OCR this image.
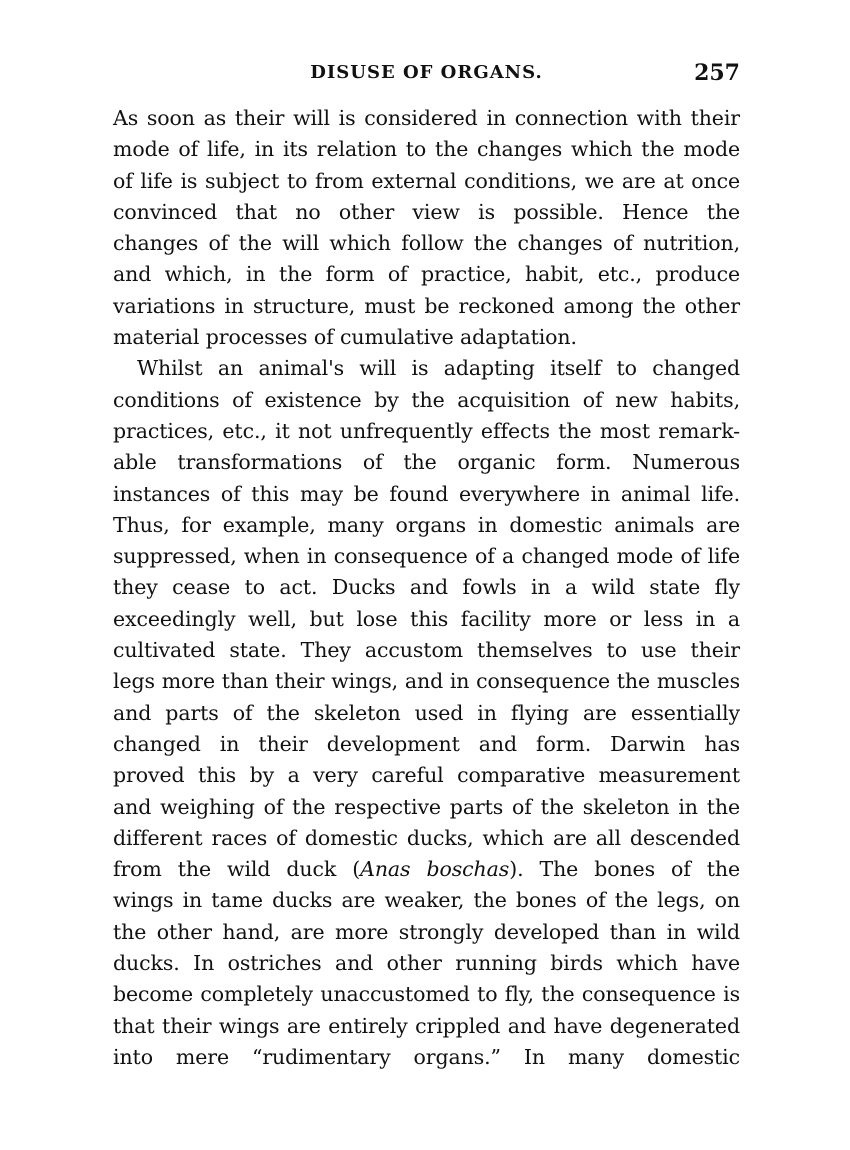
DISUSE OF ORGANS.	257

As soon as their will is considered in connection with their
mode of life, in its relation to the changes which the mode
of life is subject to from external conditions, we are at once
convinced that no other view is possible. Hence the
changes of the will which follow the changes of nutrition,
and which, in the form of practice, habit, etc., produce
variations in structure, must be reckoned among the other
material processes of cumulative adaptation.

Whilst an animal's will is adapting itself to changed
conditions of existence by the acquisition of new habits,
practices, etc., it not unfrequently effects the most remark-
able transformations of the organic form. Numerous
instances of this may be found everywhere in animal life.
Thus, for example, many organs in domestic animals are
suppressed, when in consequence of a changed mode of life
they cease to act. Ducks and fowls in a wild state fly
exceedingly well, but lose this facility more or less in a
cultivated state. They accustom themselves to use their
legs more than their wings, and in consequence the muscles
and parts of the skeleton used in flying are essentially
changed in their development and form. Darwin has
proved this by a very careful comparative measurement
and weighing of the respective parts of the skeleton in the
different races of domestic ducks, which are all descended
from the wild duck (Anas boschas). The bones of the
wings in tame ducks are weaker, the bones of the legs, on
the other hand, are more strongly developed than in wild
ducks. In ostriches and other running birds which have
become completely unaccustomed to fly, the consequence is
that their wings are entirely crippled and have degenerated
into mere “rudimentary organs.” In many domestic
